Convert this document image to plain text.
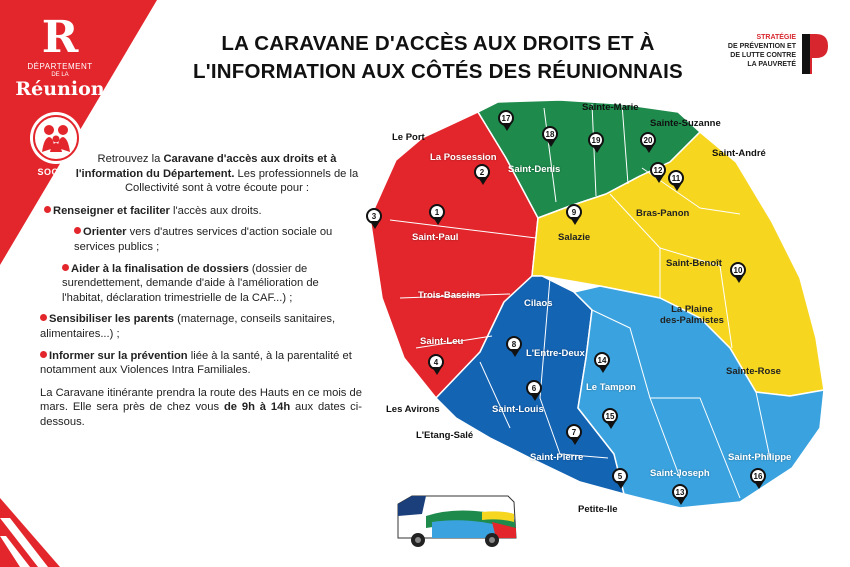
R
DÉPARTEMENT
DE LA
Réunion
SOCIAL
LA CARAVANE D'ACCÈS AUX DROITS ET À
L'INFORMATION AUX CÔTÉS DES RÉUNIONNAIS
STRATÉGIE
DE PRÉVENTION ET
DE LUTTE CONTRE
LA PAUVRETÉ
Retrouvez la Caravane d'accès aux droits et à l'information du Département. Les professionnels de la Collectivité sont à votre écoute pour :
Renseigner et faciliter l'accès aux droits.
Orienter vers d'autres services d'action sociale ou services publics ;
Aider à la finalisation de dossiers (dossier de surendettement, demande d'aide à l'amélioration de l'habitat, déclaration trimestrielle de la CAF...) ;
Sensibiliser les parents (maternage, conseils sanitaires, alimentaires...) ;
Informer sur la prévention liée à la santé, à la parentalité et notamment aux Violences Intra Familiales.
La Caravane itinérante prendra la route des Hauts en ce mois de mars. Elle sera près de chez vous de 9h à 14h aux dates ci-dessous.
Saint-Paul
La Possession
Trois-Bassins
Saint-Leu
Saint-Denis
Salazie
Bras-Panon
Saint-Benoît
La Plaine
des-Palmistes
Sainte-Rose
Cilaos
L'Entre-Deux
Saint-Louis
Le Tampon
Saint-Pierre
Saint-Joseph
Saint-Philippe
Le Port
Sainte-Marie
Sainte-Suzanne
Saint-André
Les Avirons
L'Etang-Salé
Petite-Ile
1
2
3
4
5
6
7
8
9
10
11
12
13
14
15
16
17
18
19	20
